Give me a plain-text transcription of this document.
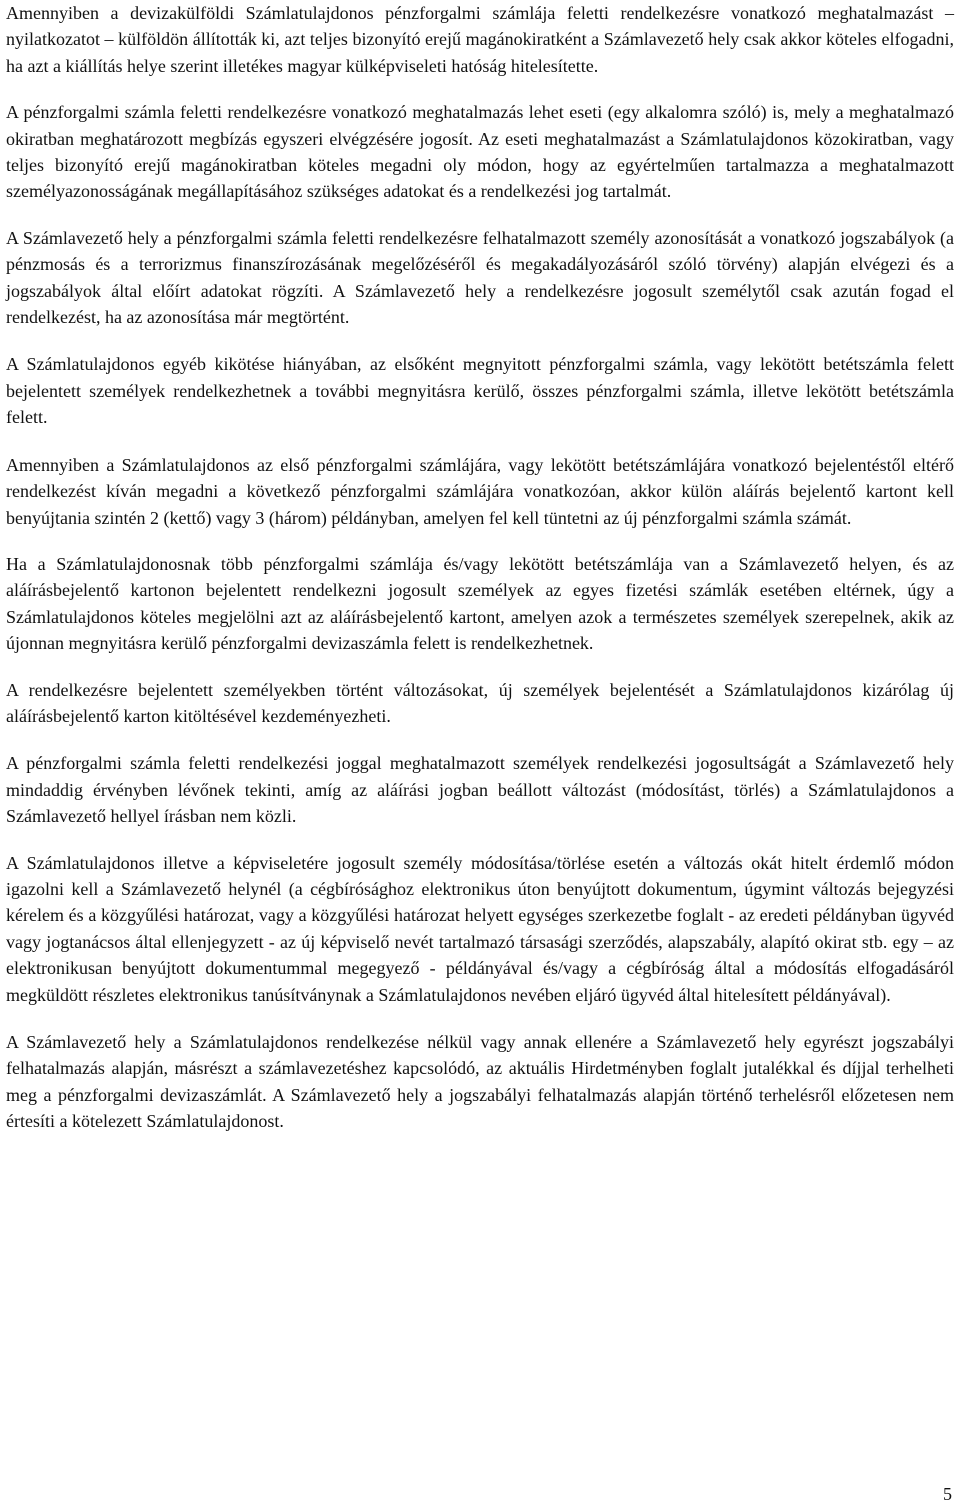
Amennyiben a devizakülföldi Számlatulajdonos pénzforgalmi számlája feletti rendelkezésre vonatkozó meghatalmazást – nyilatkozatot – külföldön állították ki, azt teljes bizonyító erejű magánokiratként a Számlavezető hely csak akkor köteles elfogadni, ha azt a kiállítás helye szerint illetékes magyar külképviseleti hatóság hitelesítette.

A pénzforgalmi számla feletti rendelkezésre vonatkozó meghatalmazás lehet eseti (egy alkalomra szóló) is, mely a meghatalmazó okiratban meghatározott megbízás egyszeri elvégzésére jogosít. Az eseti meghatalmazást a Számlatulajdonos közokiratban, vagy teljes bizonyító erejű magánokiratban köteles megadni oly módon, hogy az egyértelműen tartalmazza a meghatalmazott személyazonosságának megállapításához szükséges adatokat és a rendelkezési jog tartalmát.

A Számlavezető hely a pénzforgalmi számla feletti rendelkezésre felhatalmazott személy azonosítását a vonatkozó jogszabályok (a pénzmosás és a terrorizmus finanszírozásának megelőzéséről és megakadályozásáról szóló törvény) alapján elvégezi és a jogszabályok által előírt adatokat rögzíti. A Számlavezető hely a rendelkezésre jogosult személytől csak azután fogad el rendelkezést, ha az azonosítása már megtörtént.

A Számlatulajdonos egyéb kikötése hiányában, az elsőként megnyitott pénzforgalmi számla, vagy lekötött betétszámla felett bejelentett személyek rendelkezhetnek a további megnyitásra kerülő, összes pénzforgalmi számla, illetve lekötött betétszámla felett.

Amennyiben a Számlatulajdonos az első pénzforgalmi számlájára, vagy lekötött betétszámlájára vonatkozó bejelentéstől eltérő rendelkezést kíván megadni a következő pénzforgalmi számlájára vonatkozóan, akkor külön aláírás bejelentő kartont kell benyújtania szintén 2 (kettő) vagy 3 (három) példányban, amelyen fel kell tüntetni az új pénzforgalmi számla számát.

Ha a Számlatulajdonosnak több pénzforgalmi számlája és/vagy lekötött betétszámlája van a Számlavezető helyen, és az aláírásbejelentő kartonon bejelentett rendelkezni jogosult személyek az egyes fizetési számlák esetében eltérnek, úgy a Számlatulajdonos köteles megjelölni azt az aláírásbejelentő kartont, amelyen azok a természetes személyek szerepelnek, akik az újonnan megnyitásra kerülő pénzforgalmi devizaszámla felett is rendelkezhetnek.

A rendelkezésre bejelentett személyekben történt változásokat, új személyek bejelentését a Számlatulajdonos kizárólag új aláírásbejelentő karton kitöltésével kezdeményezheti.

A pénzforgalmi számla feletti rendelkezési joggal meghatalmazott személyek rendelkezési jogosultságát a Számlavezető hely mindaddig érvényben lévőnek tekinti, amíg az aláírási jogban beállott változást (módosítást, törlés) a Számlatulajdonos a Számlavezető hellyel írásban nem közli.

A Számlatulajdonos illetve a képviseletére jogosult személy módosítása/törlése esetén a változás okát hitelt érdemlő módon igazolni kell a Számlavezető helynél (a cégbírósághoz elektronikus úton benyújtott dokumentum, úgymint változás bejegyzési kérelem és a közgyűlési határozat, vagy a közgyűlési határozat helyett egységes szerkezetbe foglalt - az eredeti példányban ügyvéd vagy jogtanácsos által ellenjegyzett - az új képviselő nevét tartalmazó társasági szerződés, alapszabály, alapító okirat stb. egy – az elektronikusan benyújtott dokumentummal megegyező - példányával és/vagy a cégbíróság által a módosítás elfogadásáról megküldött részletes elektronikus tanúsítványnak a Számlatulajdonos nevében eljáró ügyvéd által hitelesített példányával).

A Számlavezető hely a Számlatulajdonos rendelkezése nélkül vagy annak ellenére a Számlavezető hely egyrészt jogszabályi felhatalmazás alapján, másrészt a számlavezetéshez kapcsolódó, az aktuális Hirdetményben foglalt jutalékkal és díjjal terhelheti meg a pénzforgalmi devizaszámlát. A Számlavezető hely a jogszabályi felhatalmazás alapján történő terhelésről előzetesen nem értesíti a kötelezett Számlatulajdonost.

5
